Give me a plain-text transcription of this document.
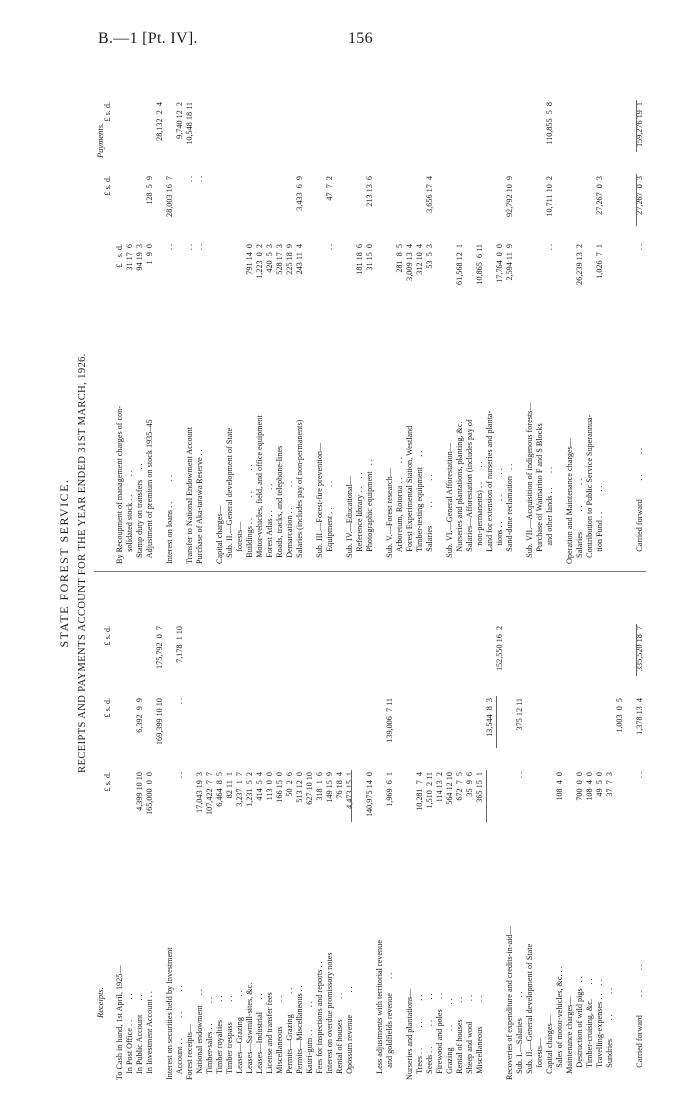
B.—1 [Pt. IV].	156
STATE FOREST SERVICE. RECEIPTS AND PAYMENTS ACCOUNT FOR THE YEAR ENDED 31ST MARCH, 1926.
Receipts.
Payments.
£ s. d.
£ s. d.
£ s. d.
£ s. d.
£ s. d.
To Cash in hand, 1st April, 1925— In Post Office . .          . . In Public Account       . .
4,399 10 10
6,392  9  9
In Investment Account . .
165,000  0  0
169,399 10 10
175,792  0  7
Interest on securities held by Investment Account . .          . .          . .
. .
. .
7,178  1 10
Forest receipts— National endowment     . .
17,043 19  3
Timber-sales . .          . .
107,422  7  7
Timber royalties         . .
6,464  8  5
Timber trespass          . .
82 11  1
Leases—Grazing          . .
3,237  1  7
Leases—Sawmill-sites, &c.
1,231  5  2
Leases—Industrial      . .
414  5  4
License and transfer fees
113  0  0
Miscellaneous            . .
166 15  0
Permits—Grazing          . .
50  2  6
Permits—Miscellaneous . .
513 12  0
Kauri-gum . .           . .
627 10 10
Fees for inspections and reports . .
318  1  6
Interest on overdue promissory notes
149 15  9
Rental of houses          . .
76 18  4
Opossum revenue           . .
4,473 15  1 140,975 14  0
Less adjustments with territorial revenue and goldfields revenue       . .
1,969  6  1
139,006  7 11
Nurseries and plantations— Trees . .          . .          . .
10,281  7  4
Seeds . .          . .          . .
1,510  2 11
Firewood and poles     . .
114 13  2
Grazing        . .          . .
564 12 10
Rental of houses        . .
672  7  5
Sheep and wool          . .
35  9  6
Miscellaneous            . .
365 15  1
13,544  8  3
152,550 16  2
Recoveries of expenditure and credits-in-aid— Sub. I.—Salaries          . .
. .
375 12 11
Sub. II.—General development of State forests— Capital charges— Sales of motor-vehicles, &c. . .
108  4  0
Maintenance charges— Destruction of wild pigs   . .
700  0  0
Timber-cruising, &c.       . .
108  4  0
Travelling-expenses . .    . .
49  5  0
Sundries         . .          . .
37  7  3
1,003  0  5
Carried forward         . .          . .
. .
1,378 13  4
335,520 18  7
By Recoupment of management charges of con-
£   s. d.
solidated stock . .         . .
31 17  6
Stamp duty on transfers     . .
94 19  3
Adjustment of premium on stock 1935–45
1  9  0
128  5  9
28,132  2  4
Interest on loans . .          . .
. .
28,003 16  7
9,740 12  2
Transfer to National Endowment Account
. .
. .
10,548 18 11
Purchase of Aka-tarawa Reserve . .
. .
. .
Capital charges— Sub. II.—General development of State forests— Buildings . .          . .          . .
791 14  0
Motor-vehicles, field, and office equipment
1,223  0  2
Forest Atlas . .          . .
420  5  3
Roads, tracks, and telephone-lines
528 17  3
Demarcation . .          . .
225 18  9
Salaries (includes pay of non-permanents)
243 11  4
3,433  6  9
Sub. III.—Forest-fire prevention— Equipment . .          . .
. .
47  7  2
Sub. IV.—Educational— Reference library . .    . .
181 18  6
Photographic equipment   . .
31 15  0
213 13  6
Sub. V.—Forest research— Arboretum, Rotorua . .       . .
281  8  5
Forest Experimental Station, Westland
3,009 13  4
Timber-testing equipment     . .
312 10  4
Salaries         . .          . .
53  5  3
3,656 17  4
Sub. VI.—General Afforestation— Nurseries and plantations, planting, &c.
61,568 12  1
Salaries—Afforestation (includes pay of non-permanents) . .       . .
10,865  6 11
Land for extension of nurseries and planta- tions . .          . .          . .
17,764  0  0
Sand-dune reclamation   . .
2,594 11  9
92,792 10  9
Sub. VII.—Acquisition of indigenous forests— Purchase of Waimarino F and S Blocks and other lands . .       . .
. .
10,711 10  2
110,855  5  8
Operation and Maintenance charges— Salaries          . .          . .
26,239 13  2
Contribution to Public Service Superannua- tion Fund . .          . .
1,026  7  1
27,267  0  3
Carried forward         . .          . .
. .
27,267  0  3
159,276 19  1
